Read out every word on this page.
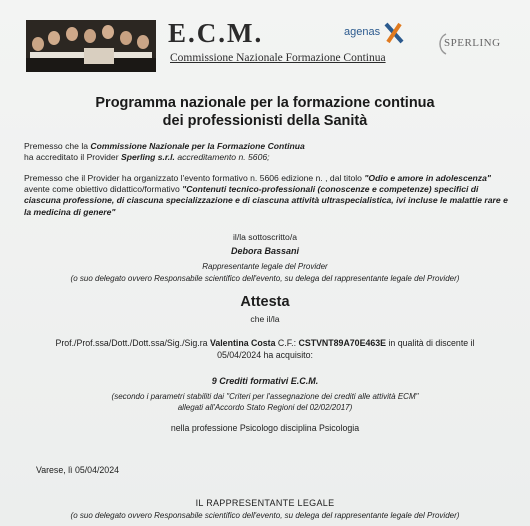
E.C.M.
Commissione Nazionale Formazione Continua
agenas
SPERLING
Programma nazionale per la formazione continua
dei professionisti della Sanità
Premesso che la Commissione Nazionale per la Formazione Continua
ha accreditato il Provider Sperling s.r.l. accreditamento n. 5606;
Premesso che il Provider ha organizzato l'evento formativo n. 5606 edizione n. , dal titolo "Odio e amore in adolescenza" avente come obiettivo didattico/formativo "Contenuti tecnico-professionali (conoscenze e competenze) specifici di ciascuna professione, di ciascuna specializzazione e di ciascuna attività ultraspecialistica, ivi incluse le malattie rare e la medicina di genere"
il/la sottoscritto/a
Debora Bassani
Rappresentante legale del Provider
(o suo delegato ovvero Responsabile scientifico dell'evento, su delega del rappresentante legale del Provider)
Attesta
che il/la
Prof./Prof.ssa/Dott./Dott.ssa/Sig./Sig.ra Valentina Costa C.F.: CSTVNT89A70E463E in qualità di discente il
05/04/2024 ha acquisito:
9 Crediti formativi E.C.M.
(secondo i parametri stabiliti dai "Criteri per l'assegnazione dei crediti alle attività ECM"
allegati all'Accordo Stato Regioni del 02/02/2017)
nella professione Psicologo disciplina Psicologia
Varese, lì 05/04/2024
IL RAPPRESENTANTE LEGALE
(o suo delegato ovvero Responsabile scientifico dell'evento, su delega del rappresentante legale del Provider)
